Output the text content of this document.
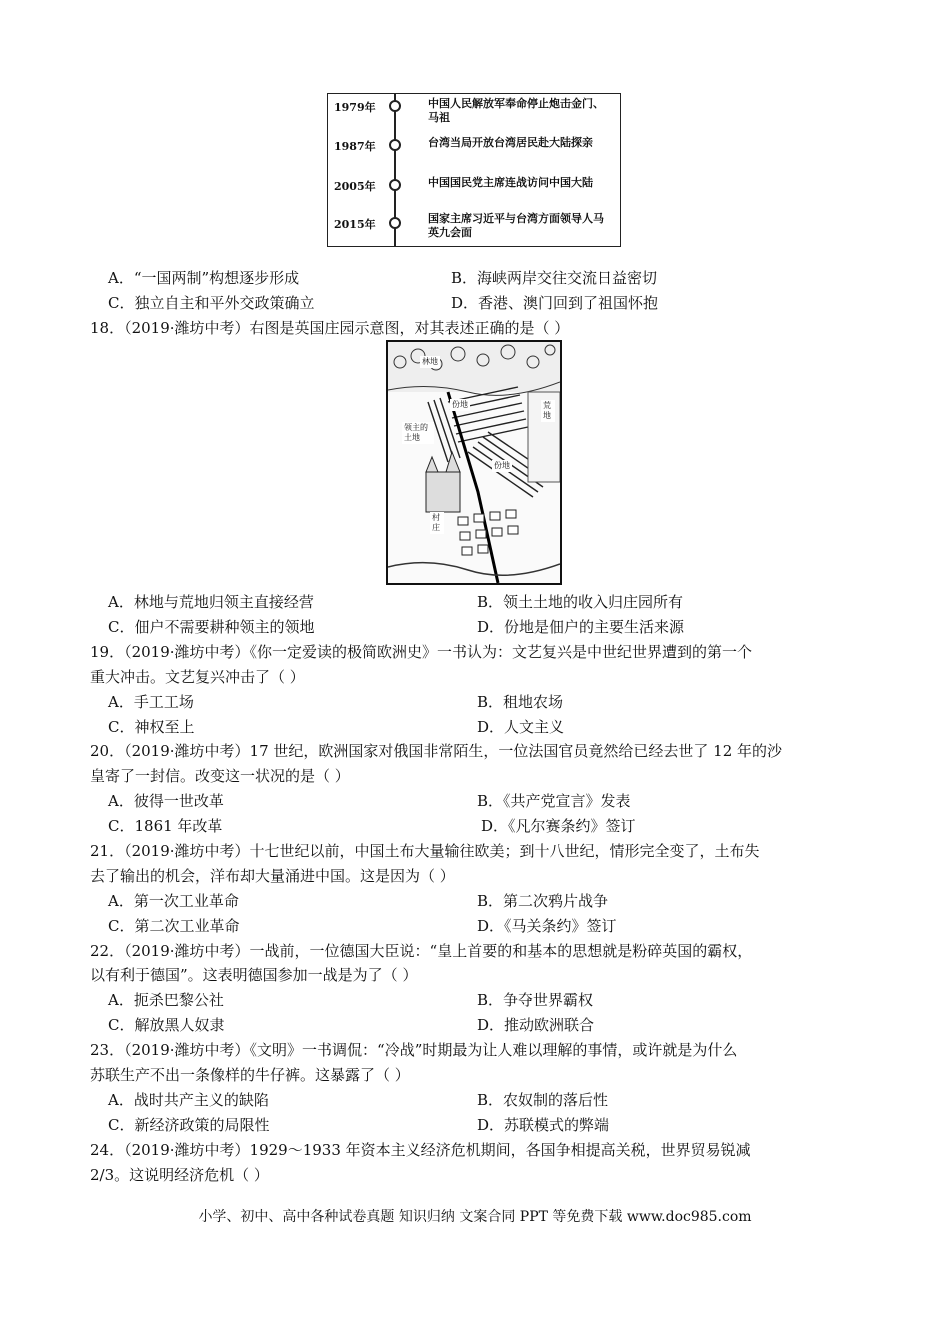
1979年	中国人民解放军奉命停止炮击金门、马祖
1987年	台湾当局开放台湾居民赴大陆探亲
2005年	中国国民党主席连战访问中国大陆
2015年	国家主席习近平与台湾方面领导人马英九会面
A．“一国两制”构想逐步形成	B．海峡两岸交往交流日益密切
C．独立自主和平外交政策确立	D．香港、澳门回到了祖国怀抱
18．（2019·潍坊中考）右图是英国庄园示意图，对其表述正确的是（ ）
林地
荒地
领主的土地
份地
份地
村庄
A．林地与荒地归领主直接经营	B．领土土地的收入归庄园所有
C．佃户不需要耕种领主的领地	D．份地是佃户的主要生活来源
19．（2019·潍坊中考）《你一定爱读的极简欧洲史》一书认为：文艺复兴是中世纪世界遭到的第一个
重大冲击。文艺复兴冲击了（ ）
A．手工工场	B．租地农场
C．神权至上	D．人文主义
20．（2019·潍坊中考）17 世纪，欧洲国家对俄国非常陌生，一位法国官员竟然给已经去世了 12 年的沙
皇寄了一封信。改变这一状况的是（ ）
A．彼得一世改革	B．《共产党宣言》发表
C．1861 年改革	D．《凡尔赛条约》签订
21．（2019·潍坊中考）十七世纪以前，中国土布大量输往欧美；到十八世纪，情形完全变了，土布失
去了输出的机会，洋布却大量涌进中国。这是因为（ ）
A．第一次工业革命	B．第二次鸦片战争
C．第二次工业革命	D．《马关条约》签订
22．（2019·潍坊中考）一战前，一位德国大臣说：“皇上首要的和基本的思想就是粉碎英国的霸权，
以有利于德国”。这表明德国参加一战是为了（ ）
A．扼杀巴黎公社	B．争夺世界霸权
C．解放黑人奴隶	D．推动欧洲联合
23．（2019·潍坊中考）《文明》一书调侃：“冷战”时期最为让人难以理解的事情，或许就是为什么
苏联生产不出一条像样的牛仔裤。这暴露了（ ）
A．战时共产主义的缺陷	B．农奴制的落后性
C．新经济政策的局限性	D．苏联模式的弊端
24．（2019·潍坊中考）1929～1933 年资本主义经济危机期间，各国争相提高关税，世界贸易锐减
2/3。这说明经济危机（ ）
小学、初中、高中各种试卷真题 知识归纳 文案合同 PPT 等免费下载 www.doc985.com
